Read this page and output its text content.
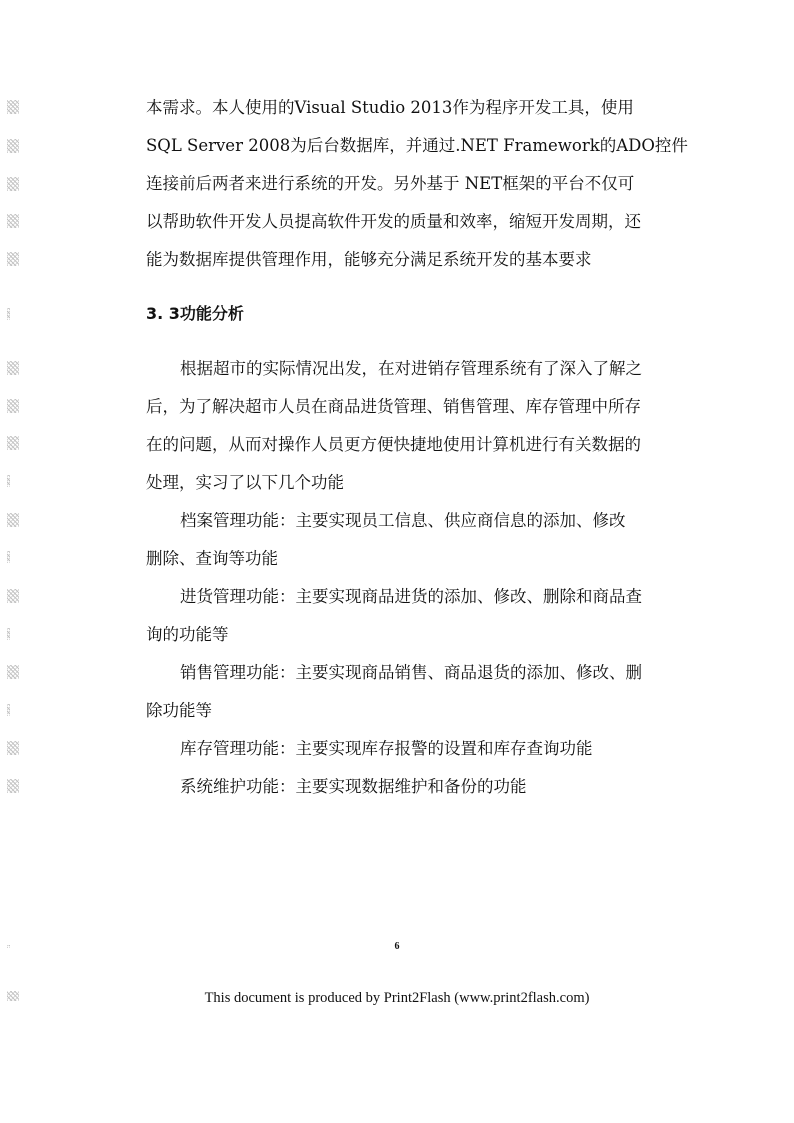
本需求。本人使用的Visual Studio 2013作为程序开发工具，使用
SQL Server 2008为后台数据库，并通过.NET Framework的ADO控件
连接前后两者来进行系统的开发。另外基于 NET框架的平台不仅可
以帮助软件开发人员提高软件开发的质量和效率，缩短开发周期，还
能为数据库提供管理作用，能够充分满足系统开发的基本要求
3. 3功能分析
根据超市的实际情况出发，在对进销存管理系统有了深入了解之
后，为了解决超市人员在商品进货管理、销售管理、库存管理中所存
在的问题，从而对操作人员更方便快捷地使用计算机进行有关数据的
处理，实习了以下几个功能
档案管理功能：主要实现员工信息、供应商信息的添加、修改
删除、查询等功能
进货管理功能：主要实现商品进货的添加、修改、删除和商品查
询的功能等
销售管理功能：主要实现商品销售、商品退货的添加、修改、删
除功能等
库存管理功能：主要实现库存报警的设置和库存查询功能
系统维护功能：主要实现数据维护和备份的功能
6
This document is produced by Print2Flash (www.print2flash.com)
